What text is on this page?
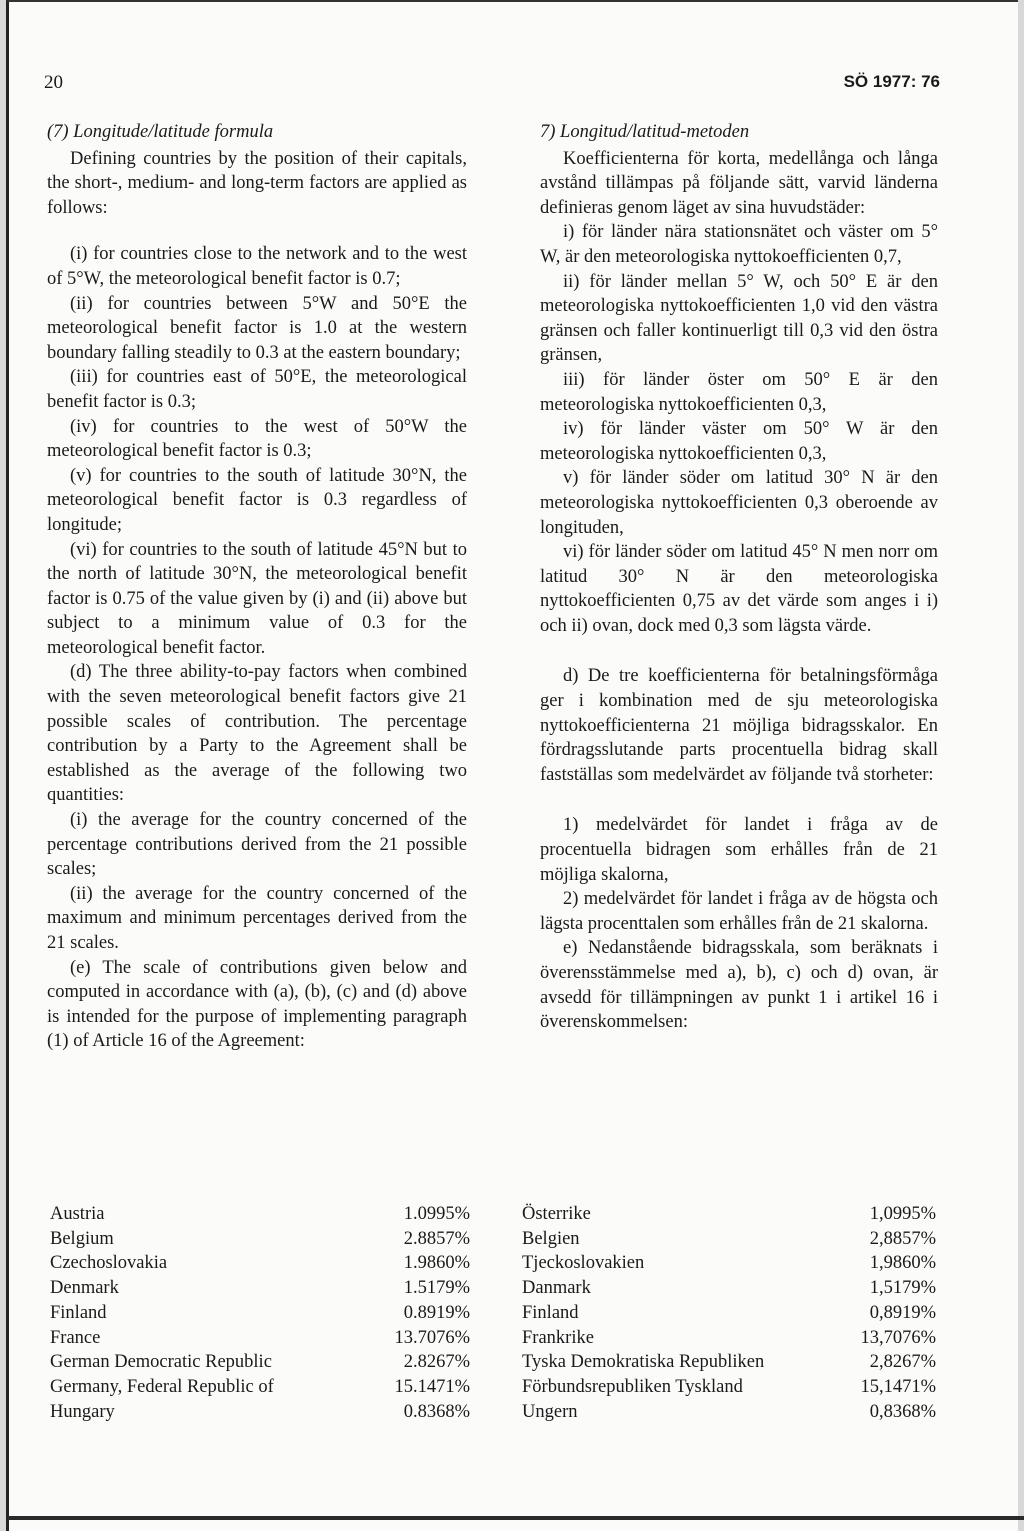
20	SÖ 1977: 76
(7) Longitude/latitude formula

Defining countries by the position of their capitals, the short-, medium- and long-term factors are applied as follows:

(i) for countries close to the network and to the west of 5°W, the meteorological benefit factor is 0.7;

(ii) for countries between 5°W and 50°E the meteorological benefit factor is 1.0 at the western boundary falling steadily to 0.3 at the eastern boundary;

(iii) for countries east of 50°E, the meteorological benefit factor is 0.3;

(iv) for countries to the west of 50°W the meteorological benefit factor is 0.3;

(v) for countries to the south of latitude 30°N, the meteorological benefit factor is 0.3 regardless of longitude;

(vi) for countries to the south of latitude 45°N but to the north of latitude 30°N, the meteorological benefit factor is 0.75 of the value given by (i) and (ii) above but subject to a minimum value of 0.3 for the meteorological benefit factor.

(d) The three ability-to-pay factors when combined with the seven meteorological benefit factors give 21 possible scales of contribution. The percentage contribution by a Party to the Agreement shall be established as the average of the following two quantities:

(i) the average for the country concerned of the percentage contributions derived from the 21 possible scales;

(ii) the average for the country concerned of the maximum and minimum percentages derived from the 21 scales.

(e) The scale of contributions given below and computed in accordance with (a), (b), (c) and (d) above is intended for the purpose of implementing paragraph (1) of Article 16 of the Agreement:

7) Longitud/latitud-metoden

Koefficienterna för korta, medellånga och långa avstånd tillämpas på följande sätt, varvid länderna definieras genom läget av sina huvudstäder:

i) för länder nära stationsnätet och väster om 5° W, är den meteorologiska nyttokoefficienten 0,7,

ii) för länder mellan 5° W, och 50° E är den meteorologiska nyttokoefficienten 1,0 vid den västra gränsen och faller kontinuerligt till 0,3 vid den östra gränsen,

iii) för länder öster om 50° E är den meteorologiska nyttokoefficienten 0,3,

iv) för länder väster om 50° W är den meteorologiska nyttokoefficienten 0,3,

v) för länder söder om latitud 30° N är den meteorologiska nyttokoefficienten 0,3 oberoende av longituden,

vi) för länder söder om latitud 45° N men norr om latitud 30° N är den meteorologiska nyttokoefficienten 0,75 av det värde som anges i i) och ii) ovan, dock med 0,3 som lägsta värde.

d) De tre koefficienterna för betalningsförmåga ger i kombination med de sju meteorologiska nyttokoefficienterna 21 möjliga bidragsskalor. En fördragsslutande parts procentuella bidrag skall fastställas som medelvärdet av följande två storheter:

1) medelvärdet för landet i fråga av de procentuella bidragen som erhålles från de 21 möjliga skalorna,

2) medelvärdet för landet i fråga av de högsta och lägsta procenttalen som erhålles från de 21 skalorna.

e) Nedanstående bidragsskala, som beräknats i överensstämmelse med a), b), c) och d) ovan, är avsedd för tillämpningen av punkt 1 i artikel 16 i överenskommelsen:

Austria	1.0995%
Belgium	2.8857%
Czechoslovakia	1.9860%
Denmark	1.5179%
Finland	0.8919%
France	13.7076%
German Democratic Republic	2.8267%
Germany, Federal Republic of	15.1471%
Hungary	0.8368%
Österrike	1,0995%
Belgien	2,8857%
Tjeckoslovakien	1,9860%
Danmark	1,5179%
Finland	0,8919%
Frankrike	13,7076%
Tyska Demokratiska Republiken	2,8267%
Förbundsrepubliken Tyskland	15,1471%
Ungern	0,8368%
